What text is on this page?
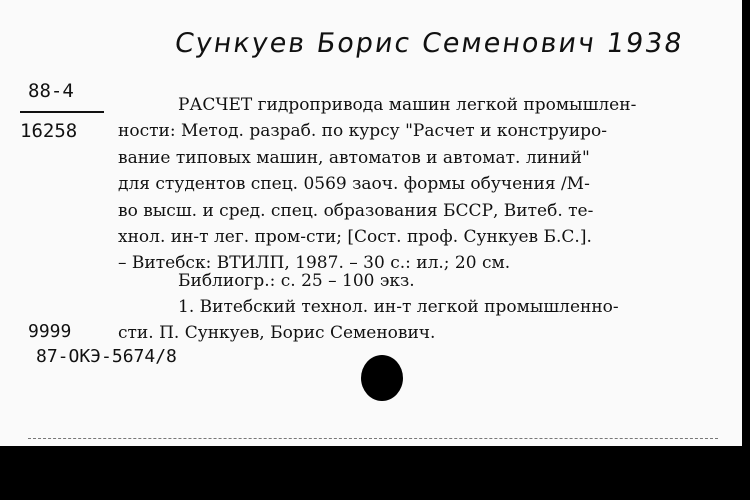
Сункуев Борис Семенович 1938
88-4
16258
РАСЧЕТ гидропривода машин легкой промышлен-
ности: Метод. разраб. по курсу "Расчет и конструиро-
вание типовых машин, автоматов и автомат. линий"
для студентов спец. 0569 заоч. формы обучения /М-
во высш. и сред. спец. образования БССР, Витеб. те-
хнол. ин-т лег. пром-сти; [Сост. проф. Сункуев Б.С.].
– Витебск: ВТИЛП, 1987. – 30 с.: ил.; 20 см.
Библиогр.: с. 25 – 100 экз.
1. Витебский технол. ин-т легкой промышленно-
сти. П. Сункуев, Борис Семенович.
9999
87-ОКЭ-5674/8
